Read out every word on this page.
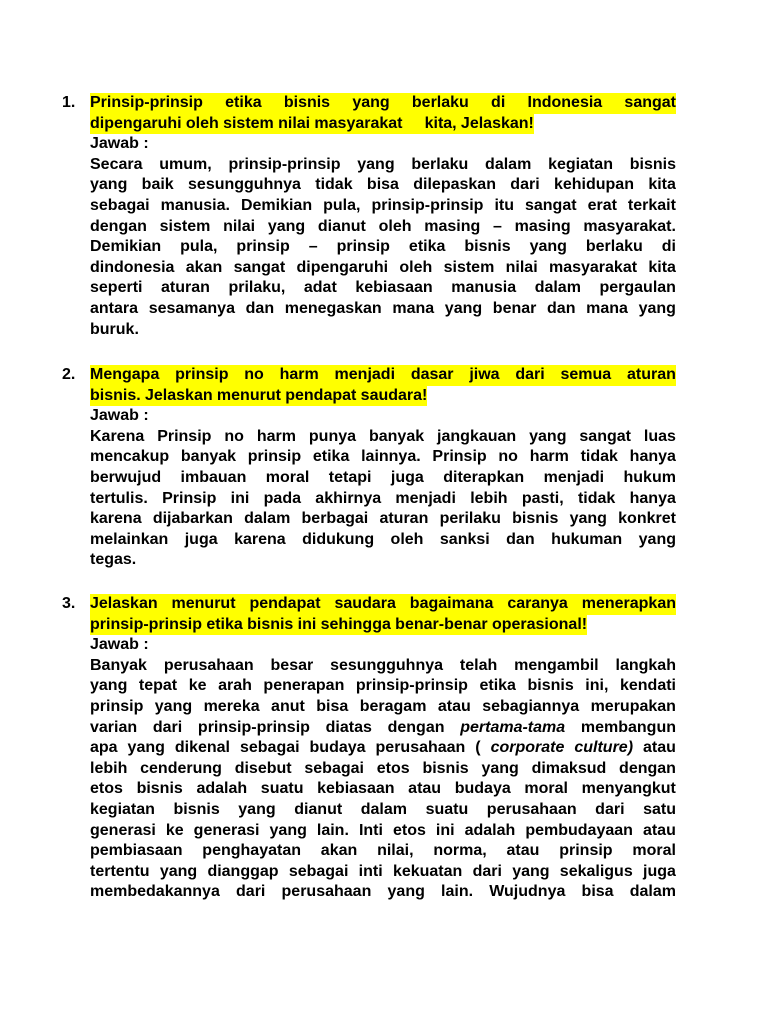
1. Prinsip-prinsip etika bisnis yang berlaku di Indonesia sangat
dipengaruhi oleh sistem nilai masyarakat kita, Jelaskan!
Jawab :
Secara umum, prinsip-prinsip yang berlaku dalam kegiatan bisnis
yang baik sesungguhnya tidak bisa dilepaskan dari kehidupan kita
sebagai manusia. Demikian pula, prinsip-prinsip itu sangat erat terkait
dengan sistem nilai yang dianut oleh masing – masing masyarakat.
Demikian pula, prinsip – prinsip etika bisnis yang berlaku di
dindonesia akan sangat dipengaruhi oleh sistem nilai masyarakat kita
seperti aturan prilaku, adat kebiasaan manusia dalam pergaulan
antara sesamanya dan menegaskan mana yang benar dan mana yang
buruk.
2. Mengapa prinsip no harm menjadi dasar jiwa dari semua aturan
bisnis. Jelaskan menurut pendapat saudara!
Jawab :
Karena Prinsip no harm punya banyak jangkauan yang sangat luas
mencakup banyak prinsip etika lainnya. Prinsip no harm tidak hanya
berwujud imbauan moral tetapi juga diterapkan menjadi hukum
tertulis. Prinsip ini pada akhirnya menjadi lebih pasti, tidak hanya
karena dijabarkan dalam berbagai aturan perilaku bisnis yang konkret
melainkan juga karena didukung oleh sanksi dan hukuman yang
tegas.
3. Jelaskan menurut pendapat saudara bagaimana caranya menerapkan
prinsip-prinsip etika bisnis ini sehingga benar-benar operasional!
Jawab :
Banyak perusahaan besar sesungguhnya telah mengambil langkah
yang tepat ke arah penerapan prinsip-prinsip etika bisnis ini, kendati
prinsip yang mereka anut bisa beragam atau sebagiannya merupakan
varian dari prinsip-prinsip diatas dengan pertama-tama membangun
apa yang dikenal sebagai budaya perusahaan ( corporate culture) atau
lebih cenderung disebut sebagai etos bisnis yang dimaksud dengan
etos bisnis adalah suatu kebiasaan atau budaya moral menyangkut
kegiatan bisnis yang dianut dalam suatu perusahaan dari satu
generasi ke generasi yang lain. Inti etos ini adalah pembudayaan atau
pembiasaan penghayatan akan nilai, norma, atau prinsip moral
tertentu yang dianggap sebagai inti kekuatan dari yang sekaligus juga
membedakannya dari perusahaan yang lain. Wujudnya bisa dalam
